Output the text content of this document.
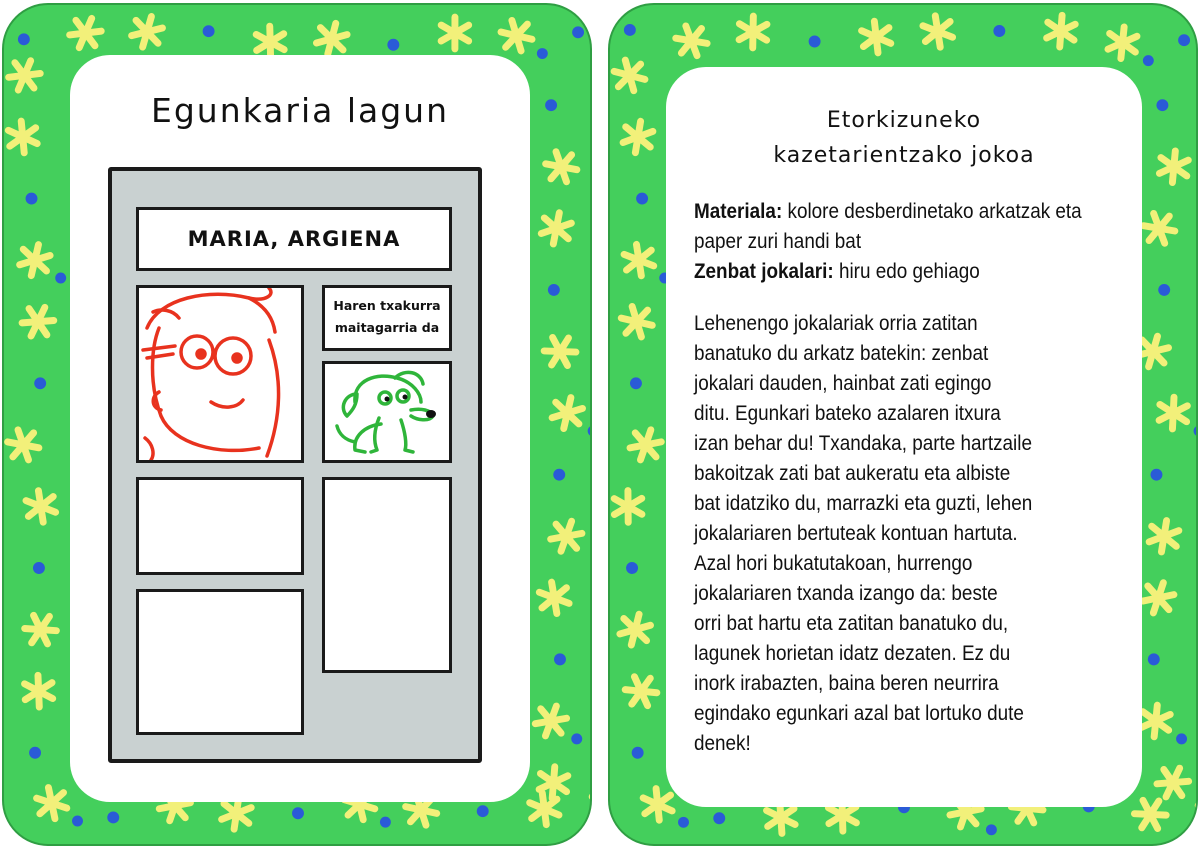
Egunkaria lagun
MARIA, ARGIENA
Haren txakurra maitagarria da
Etorkizuneko
kazetarientzako jokoa
Materiala: kolore desberdinetako arkatzak eta paper zuri handi bat
Zenbat jokalari: hiru edo gehiago
Lehenengo jokalariak orria zatitan
banatuko du arkatz batekin: zenbat
jokalari dauden, hainbat zati egingo
ditu. Egunkari bateko azalaren itxura
izan behar du! Txandaka, parte hartzaile
bakoitzak zati bat aukeratu eta albiste
bat idatziko du, marrazki eta guzti, lehen
jokalariaren bertuteak kontuan hartuta.
Azal hori bukatutakoan, hurrengo
jokalariaren txanda izango da: beste
orri bat hartu eta zatitan banatuko du,
lagunek horietan idatz dezaten. Ez du
inork irabazten, baina beren neurrira
egindako egunkari azal bat lortuko dute
denek!
